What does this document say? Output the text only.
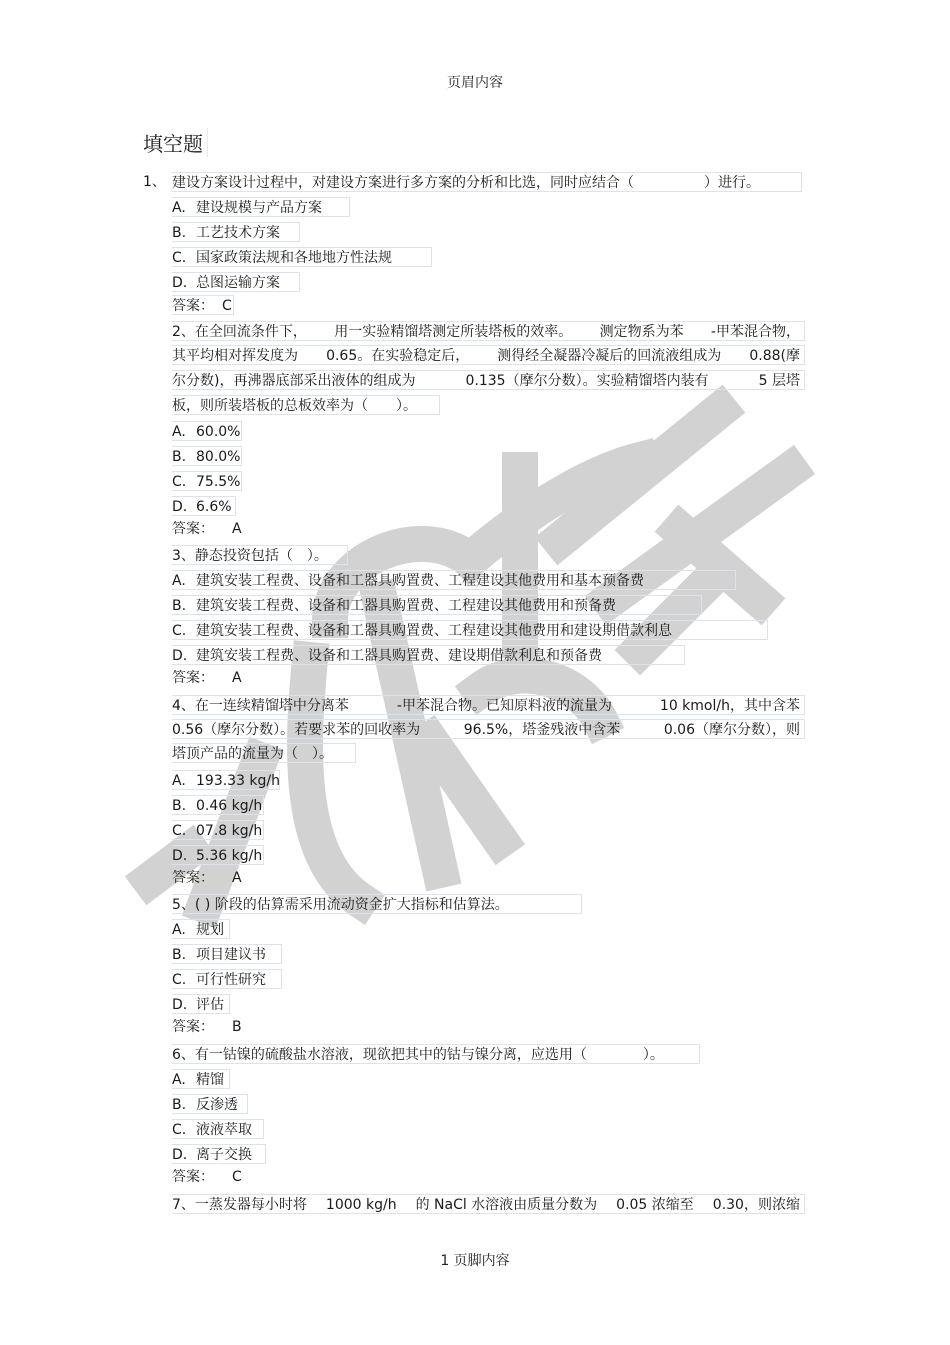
页眉内容
填空题
1、 建设方案设计过程中，对建设方案进行多方案的分析和比选，同时应结合（　　　　　）进行。
A. 建设规模与产品方案
B. 工艺技术方案
C. 国家政策法规和各地地方性法规
D. 总图运输方案
答案： C
2、在全回流条件下， 用一实验精馏塔测定所装塔板的效率。 测定物系为苯 -甲苯混合物，
其平均相对挥发度为 0.65。在实验稳定后， 测得经全凝器冷凝后的回流液组成为 0.88(摩
尔分数)，再沸器底部采出液体的组成为	0.135（摩尔分数）。实验精馏塔内装有	5 层塔
板，则所装塔板的总板效率为（　　）。
A. 60.0%
B. 80.0%
C. 75.5%
D. 6.6%
答案： A
3、静态投资包括（　）。
A. 建筑安装工程费、设备和工器具购置费、工程建设其他费用和基本预备费
B. 建筑安装工程费、设备和工器具购置费、工程建设其他费用和预备费
C. 建筑安装工程费、设备和工器具购置费、工程建设其他费用和建设期借款利息
D. 建筑安装工程费、设备和工器具购置费、建设期借款利息和预备费
答案： A
4、在一连续精馏塔中分离苯	-甲苯混合物。已知原料液的流量为	10 kmol/h，其中含苯
0.56（摩尔分数）。若要求苯的回收率为	96.5%，塔釜残液中含苯	0.06（摩尔分数），则
塔顶产品的流量为（　）。
A. 193.33 kg/h
B. 0.46 kg/h
C. 07.8 kg/h
D. 5.36 kg/h
答案： A
5、( ) 阶段的估算需采用流动资金扩大指标和估算法。
A. 规划
B. 项目建议书
C. 可行性研究
D. 评估
答案： B
6、有一钴镍的硫酸盐水溶液，现欲把其中的钴与镍分离，应选用（　　　　）。
A. 精馏
B. 反渗透
C. 液液萃取
D. 离子交换
答案： C
7、一蒸发器每小时将 1000 kg/h 的 NaCl 水溶液由质量分数为 0.05 浓缩至 0.30，则浓缩
1 页脚内容
